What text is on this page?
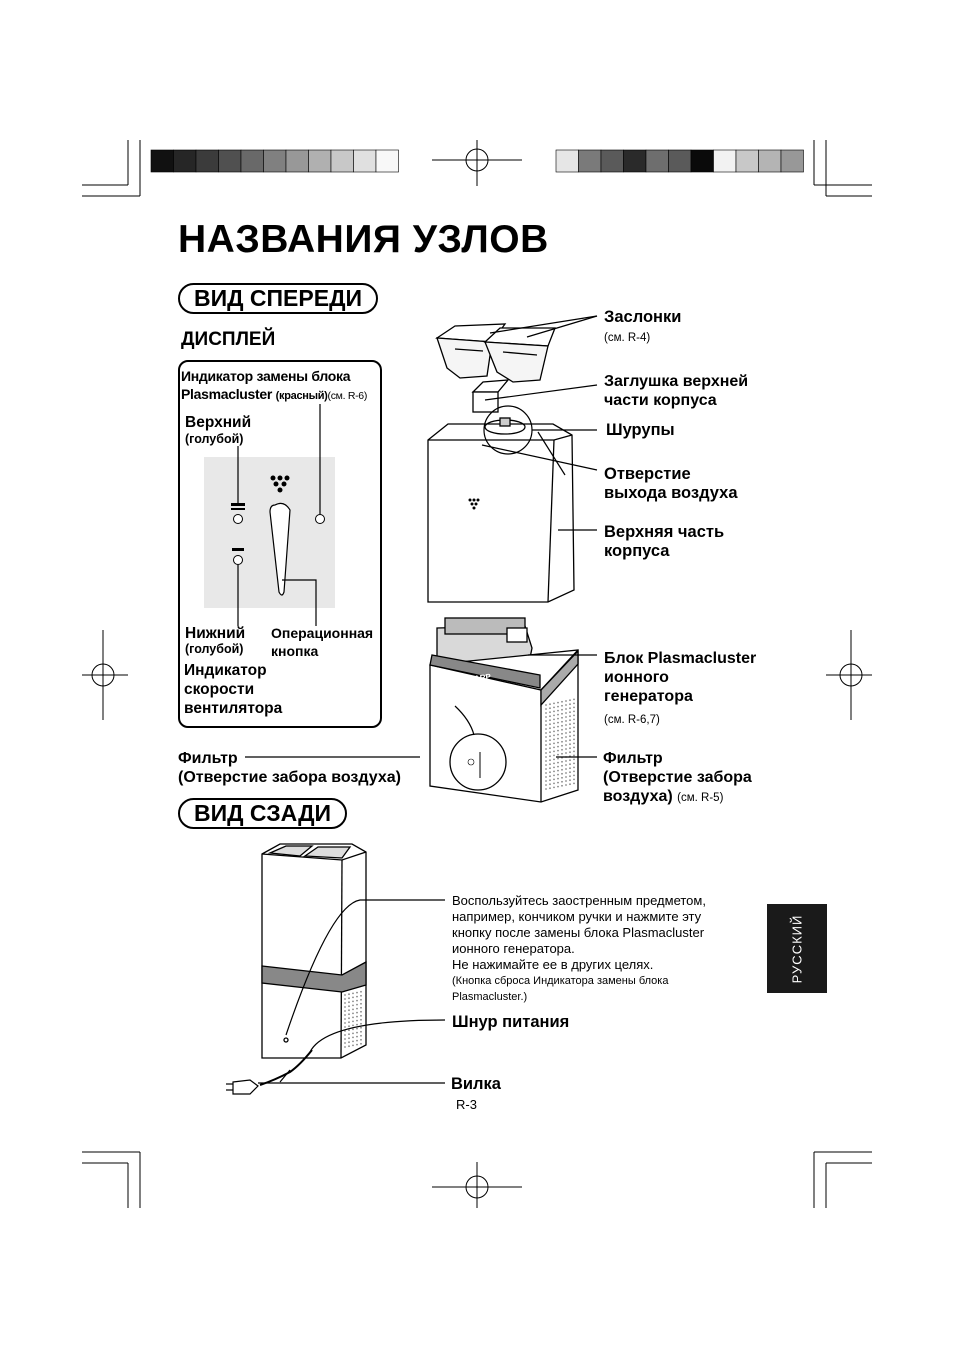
НАЗВАНИЯ УЗЛОВ
ВИД СПЕРЕДИ
ДИСПЛЕЙ
Индикатор замены блока
Plasmacluster (красный)(см. R-6)
Верхний
(голубой)
Нижний
(голубой)
Операционная
кнопка
Индикатор
скорости
вентилятора
Заслонки
(см. R-4)
Заглушка верхней
части корпуса
Шурупы
Отверстие
выхода воздуха
Верхняя часть
корпуса
Блок Plasmacluster
ионного
генератора
(см. R-6,7)
Фильтр
(Отверстие забора воздуха)
Фильтр
(Отверстие забора
воздуха) (см. R-5)
SHARP
ВИД СЗАДИ
Воспользуйтесь заостренным предметом,
например, кончиком ручки и нажмите эту
кнопку после замены блока Plasmacluster
ионного генератора.
Не нажимайте ее в других целях.
(Кнопка сброса Индикатора замены блока
Plasmacluster.)
Шнур питания
Вилка
R-3
РУССКИЙ
